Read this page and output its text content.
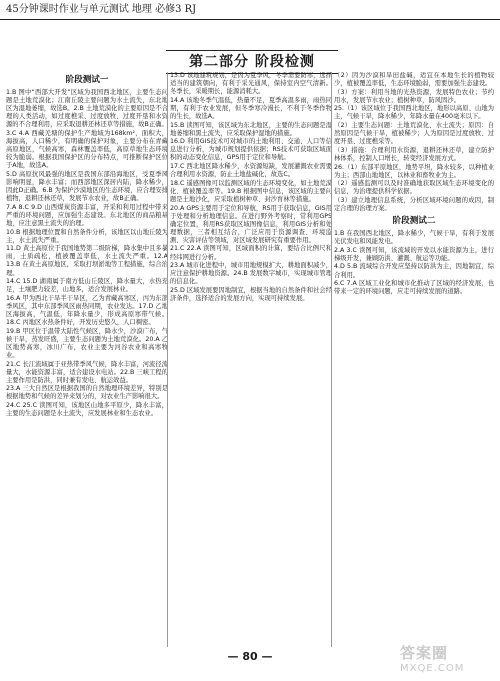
45分钟课时作业与单元测试 地理 必修3 RJ
第二部分 阶段检测
阶段测试一

1.B 图中“西部大开发”区域为我国西北地区，主要生态问题是土地荒漠化；江南丘陵主要问题为水土流失，东北地区为湿地萎缩，故选B。2.B 土地荒漠化的主要原因是不合理的人类活动，如过度樵采、过度放牧、过度开垦和水资源的不合理利用，应采取退耕还林还草等措施，故B正确。

3.C 4.A 西藏羌塘的保护生产地域为168km²，面积大，海拔高，人口稀少，有明确的保护对象，主要分布在青藏高原地区，气候高寒，森林覆盖率低，高原草地生态环境较为脆弱。根据我国保护区的分布特点，可推断保护区位于A地，故选A。

5.D 高原抗风最强的地区是我国东部沿海地区，受夏季风影响明显，降水丰富；而西部地区深居内陆，降水稀少，因此D正确。6.B 为保护沙漠地区的生态环境，应合理安排植物，退耕还林还草，发展节水农业，故B正确。

7.A 8.C 9.D 山西煤炭资源丰富，开采和利用过程中带来严重的环境问题，应加强生态建设。东北地区的商品粮基地，应注意黑土流失的治理。

10.B 根据地理位置和自然条件分析，该地区以山地丘陵为主，水土流失严重。

11.D 黄土高原位于我国地势第二级阶梯，降水集中且多暴雨，土质疏松，植被覆盖率低，水土流失严重。12.A 13.B 在黄土高原地区，采取打坝淤地等工程措施，综合治理。

14.C 15.D 湖南属于南方低山丘陵区，降水量大，水热充足，土壤肥力较差，山地多，适合发展林业。

16.A 甲为西北干旱半干旱区，乙为青藏高寒区，丙为东部季风区，其中东部季风区雨热同期，农业发达。17.D 乙地区海拔高，气温低，年降水量少，形成高原寒带气候。18.C 丙地区水热条件好，开发历史悠久，人口稠密。

19.B 甲区位于温带大陆性气候区，降水少，沙漠广布，气候干旱，蒸发旺盛，主要生态问题为土地荒漠化。20.A 乙区地势高寒，冰川广布，农业主要为河谷农业和高寒牧业。

21.C 长江流域属于亚热带季风气候，降水丰富，河流径流量大，水能资源丰富，适合建设水电站。22.B 三峡工程的主要作用是防洪，同时兼有发电、航运效益。

23.A 三大自然区是根据我国的自然地理环境差异，特别是根据地势和气候的差异来划分的，对农业生产影响很大。

24.C 25.C 读图可知，该地区山地多平原少，降水丰富，主要的生态问题是水土流失，应发展林业和生态农业。

13.D 该地建筑规划，是因为夏季风，冬季需要防寒，选择适当的建筑朝向，有利于采光通风，保持室内空气清新。冬季长，采暖期长，能源消耗大。

14.A 该地冬季气温低，热量不足，夏季高温多雨，雨热同期，有利于农业发展，但冬季寒冷漫长，不利于冬季作物的生长，故选A。

15.B 读图可知，该区域为东北地区，主要的生态问题是湿地萎缩和黑土流失，应采取保护湿地的措施。

16.D 利用GIS技术可对城市的土地利用、交通、人口等信息进行分析，为城市规划提供依据；RS技术可获取区域面积的动态变化信息，GPS用于定位和导航。

17.C 西北地区降水稀少，水资源短缺，发展灌溉农业需要合理利用水资源，防止土地盐碱化，故选C。

18.C 遥感图像可以监测区域的生态环境变化，如土地荒漠化、植被覆盖率等。19.B 根据图中信息，该区域的主要问题是土地沙化，应采取植树种草、封沙育林等措施。

20.A GPS主要用于定位和导航，RS用于获取信息，GIS用于处理和分析地理信息。在进行野外考察时，常利用GPS确定位置，利用RS获取区域图像信息，利用GIS分析和处理数据，三者相互结合，广泛应用于资源调查、环境监测、灾害评估等领域，对区域发展研究有重要作用。

21.C 22.A 读图可知，区域面积的计算，要结合比例尺和经纬网进行分析。

23.A 城市化进程中，城市用地规模扩大，耕地面积减少，应注意保护耕地资源。24.B 发展数字城市，实现城市管理的信息化。

25.D 区域发展要因地制宜，根据当地的自然条件和社会经济条件，选择适合的发展方向，实现可持续发展。

（2）因为沙漠和旱田盐碱，适宜在本地生长的植物较少，植被覆盖率低，生态环境脆弱，需要加强生态建设。

（3）方案：利用当地的光热资源，发展特色农业；节约用水，发展节水农业；植树种草，防风固沙。

25.（1）该区域位于我国西北地区，地形以高原、山地为主，气候干旱，降水稀少，年降水量在400毫米以下。

（2）主要生态问题：土地荒漠化、水土流失；原因：自然原因是气候干旱，植被稀少；人为原因是过度放牧、过度开垦、过度樵采等。

（3）措施：合理利用水资源，退耕还林还草，建立防护林体系，控制人口增长，转变经济发展方式。

26.（1）东部平原地区，地势平坦，降水较多，以种植业为主；西部山地地区，以林业和畜牧业为主。

（2）遥感监测可以及时准确地获取区域生态环境变化的信息，为治理提供科学依据。

（3）建立地理信息系统，分析区域环境问题的成因，制定合理的治理方案。

阶段测试二

1.B 在我国西北地区，降水稀少，气候干旱，有利于发展光伏发电和风能发电。

2.A 3.C 读图可知，该流域的开发以水能资源为主，进行梯级开发，兼顾防洪、灌溉、航运等功能。

4.D 5.B 流域综合开发应坚持以防洪为主，因地制宜，综合利用。

6.C 7.A 区域工业化和城市化推动了区域的经济发展，也带来一定的环境问题，应走可持续发展的道路。

— 80 —	答案圈
MXQE.COM
